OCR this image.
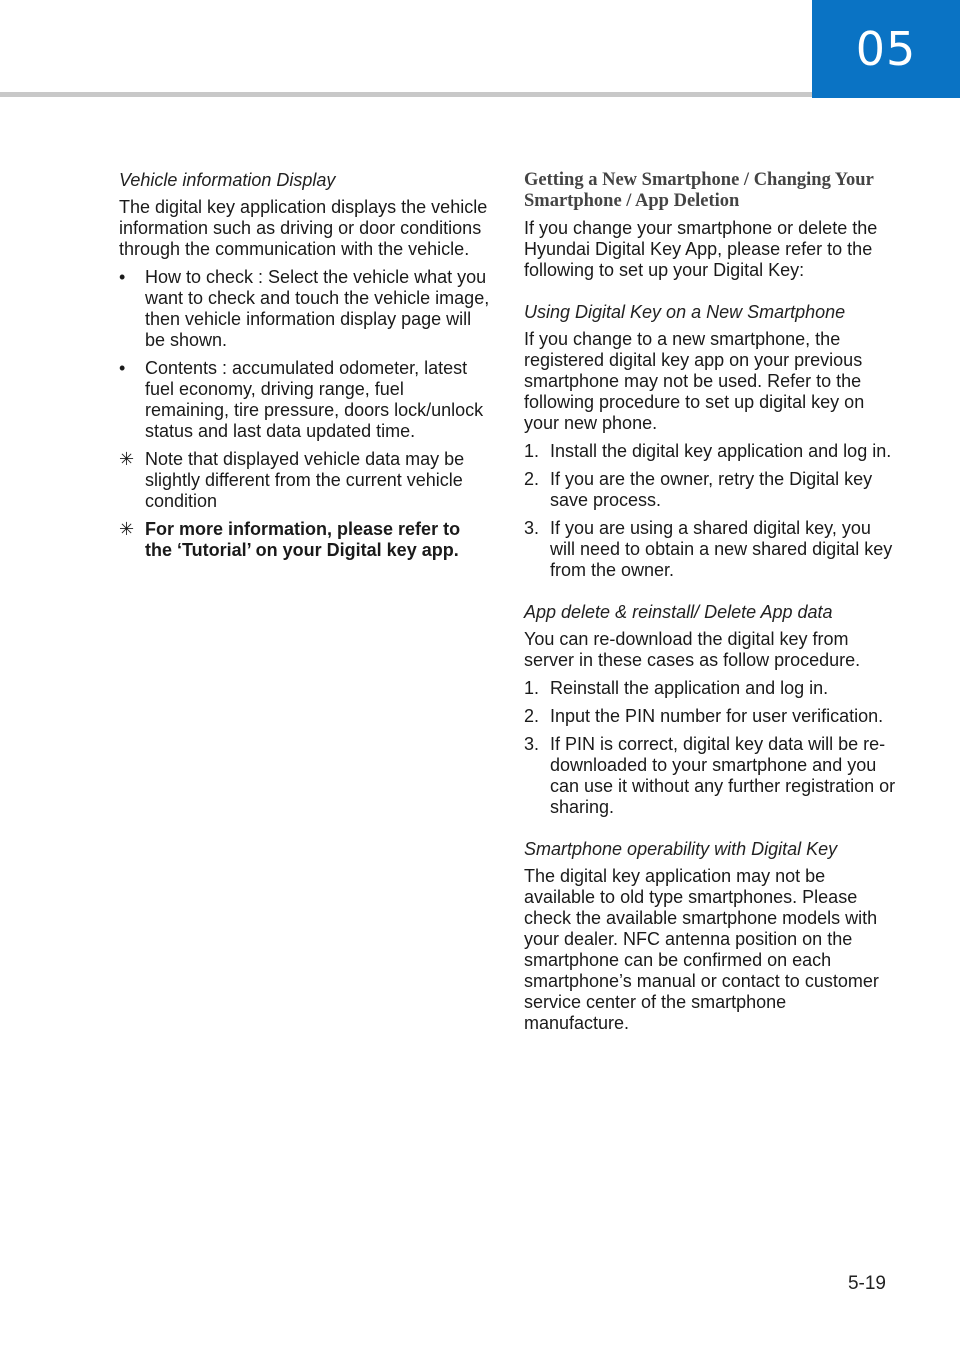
05
Vehicle information Display

The digital key application displays the vehicle information such as driving or door conditions through the communication with the vehicle.

•	How to check : Select the vehicle what you want to check and touch the vehicle image, then vehicle information display page will be shown.
•	Contents : accumulated odometer, latest fuel economy, driving range, fuel remaining, tire pressure, doors lock/unlock status and last data updated time.
✳ Note that displayed vehicle data may be slightly different from the current vehicle condition
✳ For more information, please refer to the ‘Tutorial’ on your Digital key app.
Getting a New Smartphone / Changing Your Smartphone / App Deletion

If you change your smartphone or delete the Hyundai Digital Key App, please refer to the following to set up your Digital Key:

Using Digital Key on a New Smartphone

If you change to a new smartphone, the registered digital key app on your previous smartphone may not be used. Refer to the following procedure to set up digital key on your new phone.

1. Install the digital key application and log in.
2. If you are the owner, retry the Digital key save process.
3. If you are using a shared digital key, you will need to obtain a new shared digital key from the owner.
App delete & reinstall/ Delete App data

You can re-download the digital key from server in these cases as follow procedure.

1. Reinstall the application and log in.
2. Input the PIN number for user verification.
3. If PIN is correct, digital key data will be re-downloaded to your smartphone and you can use it without any further registration or sharing.
Smartphone operability with Digital Key

The digital key application may not be available to old type smartphones. Please check the available smartphone models with your dealer. NFC antenna position on the smartphone can be confirmed on each smartphone’s manual or contact to customer service center of the smartphone manufacture.

5-19
